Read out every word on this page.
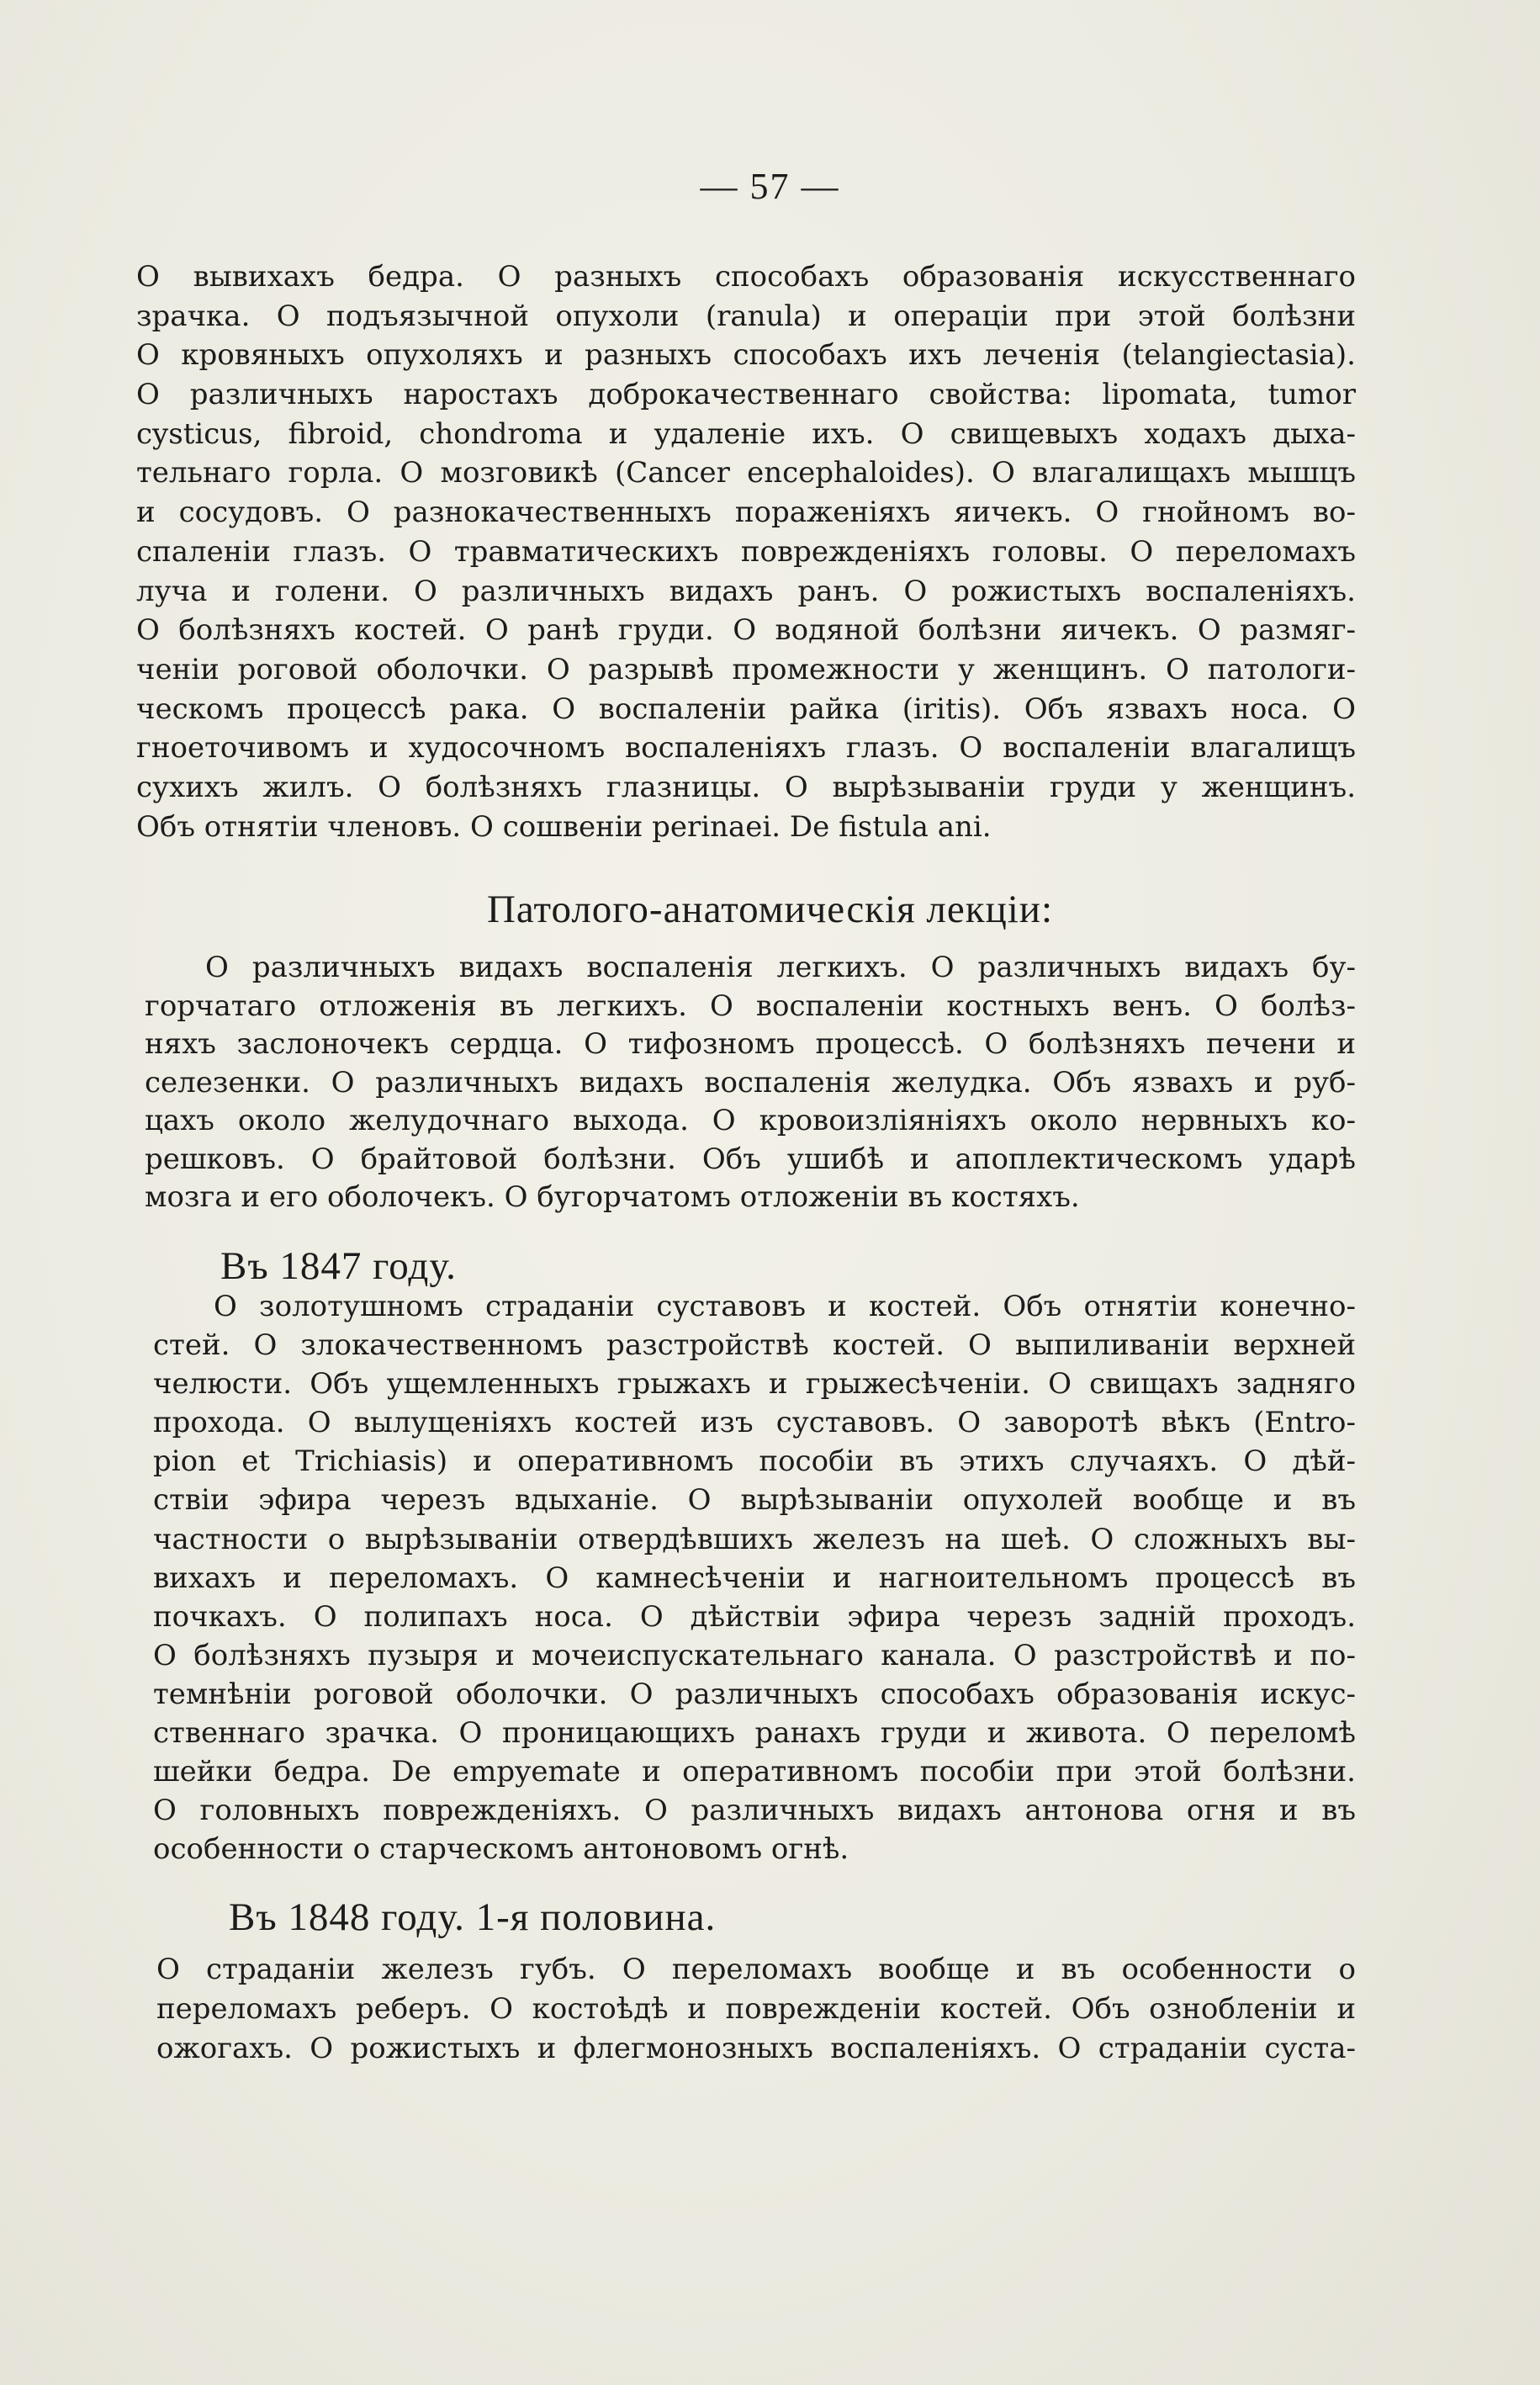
— 57 —
О вывихахъ бедра. О разныхъ способахъ образованія искусственнаго
зрачка. О подъязычной опухоли (ranula) и операціи при этой болѣзни
О кровяныхъ опухоляхъ и разныхъ способахъ ихъ леченія (telangiectasia).
О различныхъ наростахъ доброкачественнаго свойства: lipomata, tumor
cysticus, fibroid, chondroma и удаленіе ихъ. О свищевыхъ ходахъ дыха-
тельнаго горла. О мозговикѣ (Cancer encephaloides). О влагалищахъ мышцъ
и сосудовъ. О разнокачественныхъ пораженіяхъ яичекъ. О гнойномъ во-
спаленіи глазъ. О травматическихъ поврежденіяхъ головы. О переломахъ
луча и голени. О различныхъ видахъ ранъ. О рожистыхъ воспаленіяхъ.
О болѣзняхъ костей. О ранѣ груди. О водяной болѣзни яичекъ. О размяг-
ченіи роговой оболочки. О разрывѣ промежности у женщинъ. О патологи-
ческомъ процессѣ рака. О воспаленіи райка (iritis). Объ язвахъ носа. О
гноеточивомъ и худосочномъ воспаленіяхъ глазъ. О воспаленіи влагалищъ
сухихъ жилъ. О болѣзняхъ глазницы. О вырѣзываніи груди у женщинъ.
Объ отнятіи членовъ. О сошвеніи perinaei. De fistula ani.
Патолого-анатомическія лекціи:
О различныхъ видахъ воспаленія легкихъ. О различныхъ видахъ бу-
горчатаго отложенія въ легкихъ. О воспаленіи костныхъ венъ. О болѣз-
няхъ заслоночекъ сердца. О тифозномъ процессѣ. О болѣзняхъ печени и
селезенки. О различныхъ видахъ воспаленія желудка. Объ язвахъ и руб-
цахъ около желудочнаго выхода. О кровоизліяніяхъ около нервныхъ ко-
решковъ. О брайтовой болѣзни. Объ ушибѣ и апоплектическомъ ударѣ
мозга и его оболочекъ. О бугорчатомъ отложеніи въ костяхъ.
Въ 1847 году.
О золотушномъ страданіи суставовъ и костей. Объ отнятіи конечно-
стей. О злокачественномъ разстройствѣ костей. О выпиливаніи верхней
челюсти. Объ ущемленныхъ грыжахъ и грыжесѣченіи. О свищахъ задняго
прохода. О вылущеніяхъ костей изъ суставовъ. О заворотѣ вѣкъ (Entro-
pion et Trichiasis) и оперативномъ пособіи въ этихъ случаяхъ. О дѣй-
ствіи эфира черезъ вдыханіе. О вырѣзываніи опухолей вообще и въ
частности о вырѣзываніи отвердѣвшихъ железъ на шеѣ. О сложныхъ вы-
вихахъ и переломахъ. О камнесѣченіи и нагноительномъ процессѣ въ
почкахъ. О полипахъ носа. О дѣйствіи эфира черезъ задній проходъ.
О болѣзняхъ пузыря и мочеиспускательнаго канала. О разстройствѣ и по-
темнѣніи роговой оболочки. О различныхъ способахъ образованія искус-
ственнаго зрачка. О проницающихъ ранахъ груди и живота. О переломѣ
шейки бедра. De empyemate и оперативномъ пособіи при этой болѣзни.
О головныхъ поврежденіяхъ. О различныхъ видахъ антонова огня и въ
особенности о старческомъ антоновомъ огнѣ.
Въ 1848 году. 1-я половина.
О страданіи железъ губъ. О переломахъ вообще и въ особенности о
переломахъ реберъ. О костоѣдѣ и поврежденіи костей. Объ ознобленіи и
ожогахъ. О рожистыхъ и флегмонозныхъ воспаленіяхъ. О страданіи суста-
